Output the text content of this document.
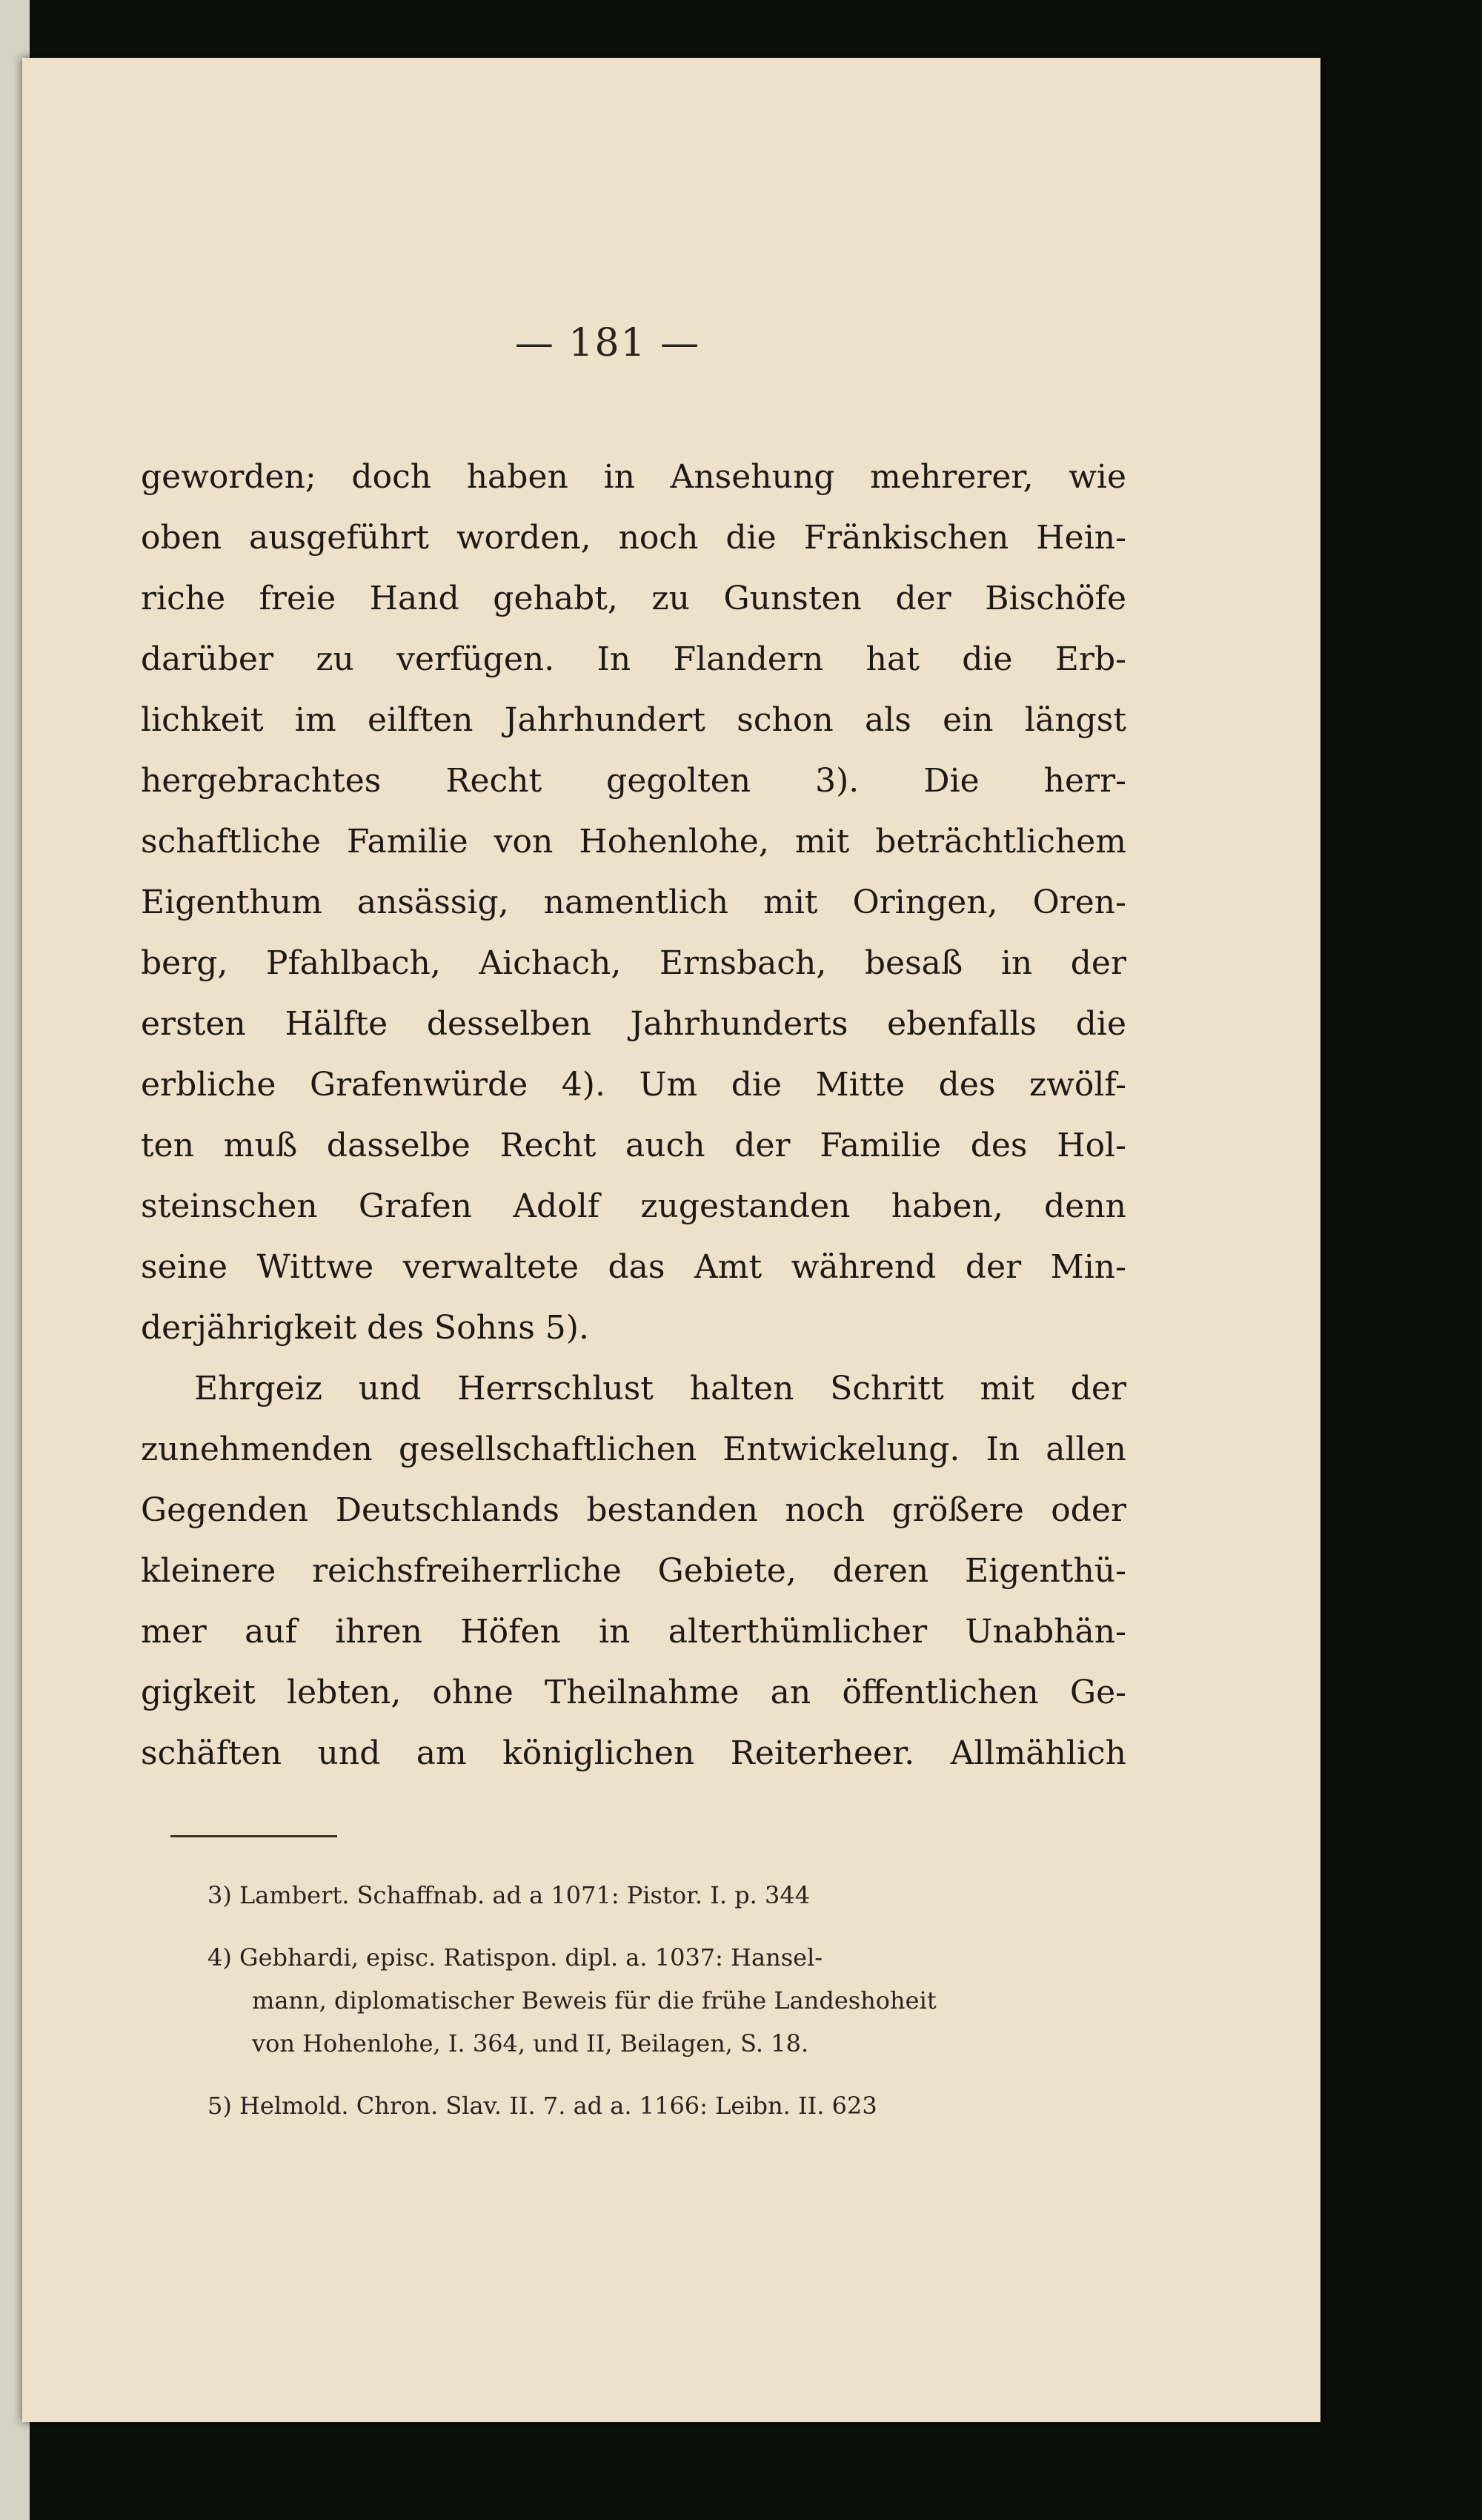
— 181 —
geworden; doch haben in Ansehung mehrerer, wie
oben ausgeführt worden, noch die Fränkischen Hein-
riche freie Hand gehabt, zu Gunsten der Bischöfe
darüber zu verfügen. In Flandern hat die Erb-
lichkeit im eilften Jahrhundert schon als ein längst
hergebrachtes Recht gegolten 3). Die herr-
schaftliche Familie von Hohenlohe, mit beträchtlichem
Eigenthum ansässig, namentlich mit Oringen, Oren-
berg, Pfahlbach, Aichach, Ernsbach, besaß in der
ersten Hälfte desselben Jahrhunderts ebenfalls die
erbliche Grafenwürde 4). Um die Mitte des zwölf-
ten muß dasselbe Recht auch der Familie des Hol-
steinschen Grafen Adolf zugestanden haben, denn
seine Wittwe verwaltete das Amt während der Min-
derjährigkeit des Sohns 5).
Ehrgeiz und Herrschlust halten Schritt mit der
zunehmenden gesellschaftlichen Entwickelung. In allen
Gegenden Deutschlands bestanden noch größere oder
kleinere reichsfreiherrliche Gebiete, deren Eigenthü-
mer auf ihren Höfen in alterthümlicher Unabhän-
gigkeit lebten, ohne Theilnahme an öffentlichen Ge-
schäften und am königlichen Reiterheer. Allmählich
3) Lambert. Schaffnab. ad a 1071: Pistor. I. p. 344
4) Gebhardi, episc. Ratispon. dipl. a. 1037: Hansel-
mann, diplomatischer Beweis für die frühe Landeshoheit
von Hohenlohe, I. 364, und II, Beilagen, S. 18.
5) Helmold. Chron. Slav. II. 7. ad a. 1166: Leibn. II. 623
